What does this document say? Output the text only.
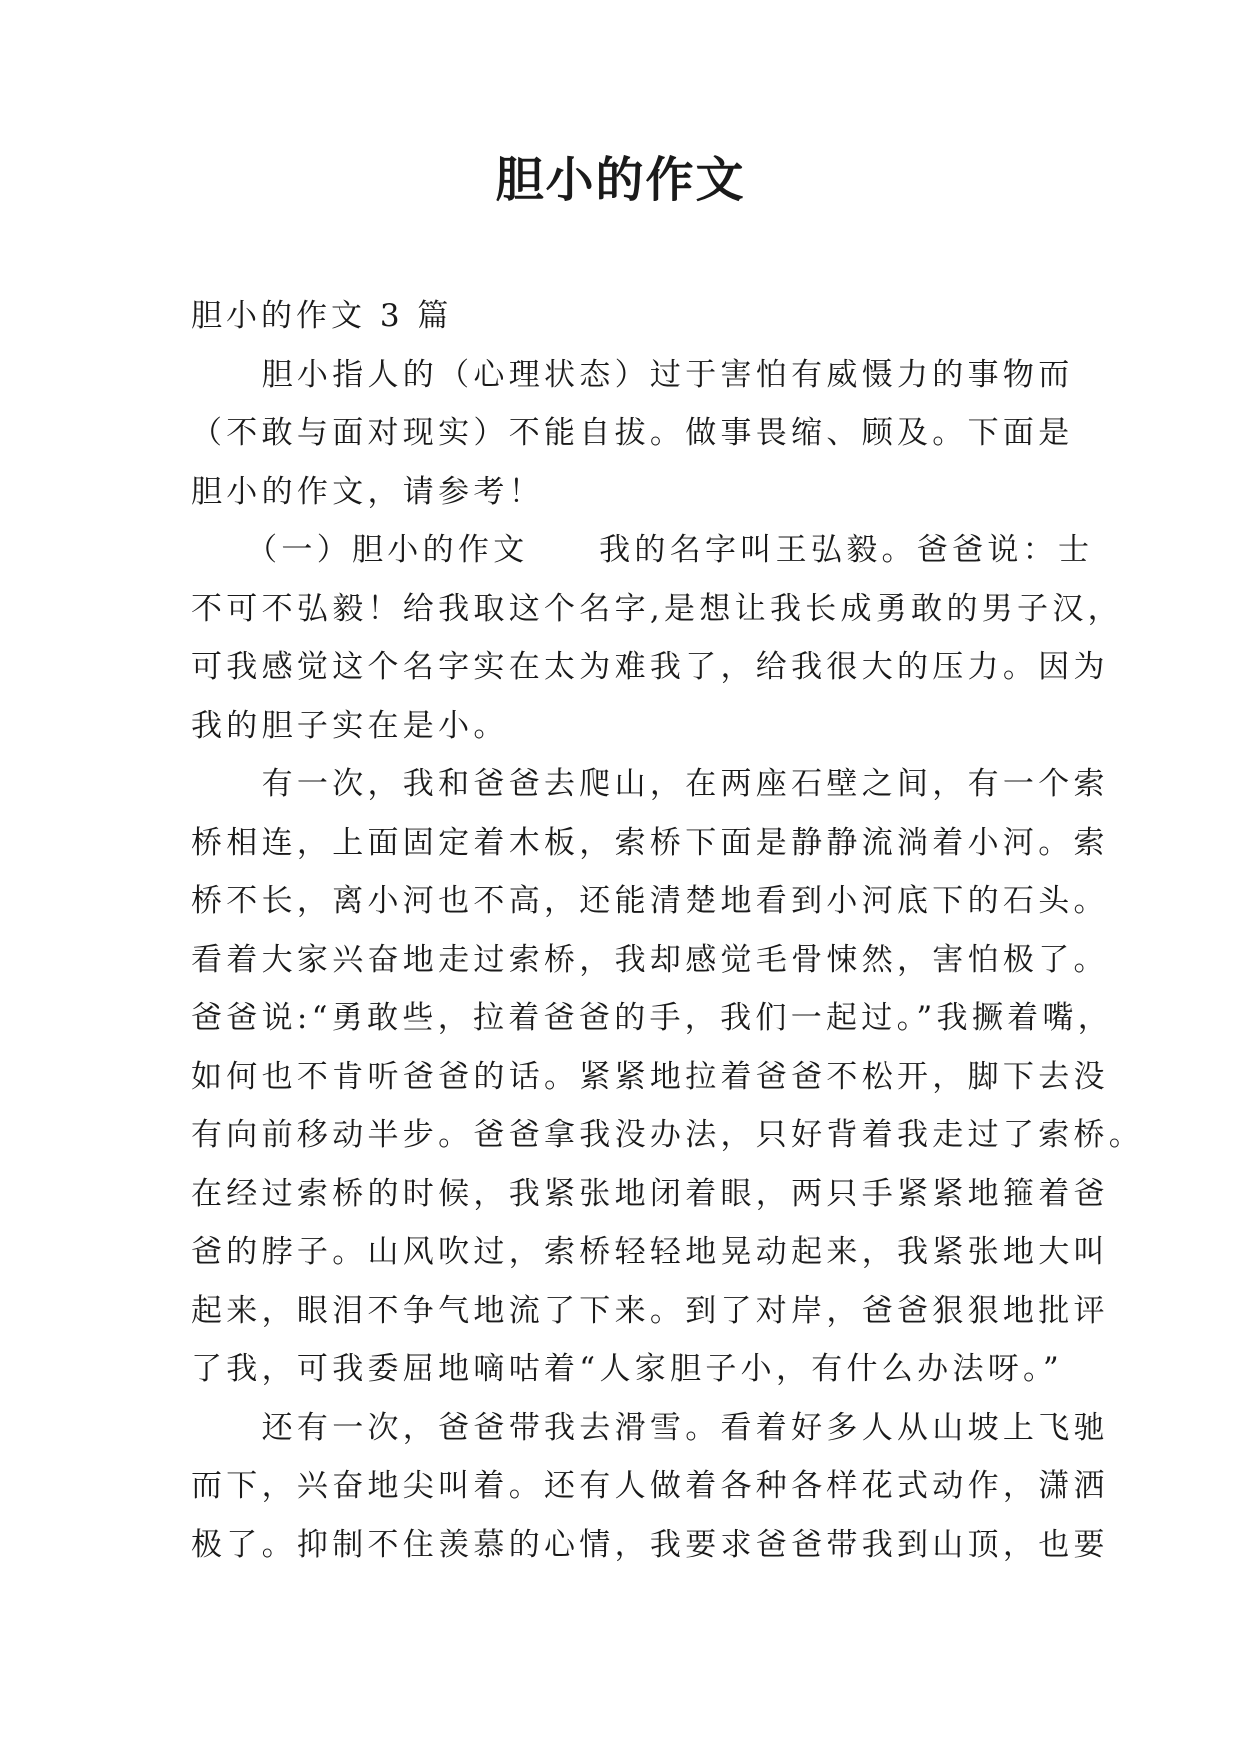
胆小的作文
胆小的作文 3 篇
　　胆小指人的（心理状态）过于害怕有威慑力的事物而
（不敢与面对现实）不能自拔。做事畏缩、顾及。下面是
胆小的作文，请参考！
　　（一）胆小的作文　　我的名字叫王弘毅。爸爸说：士
不可不弘毅！给我取这个名字,是想让我长成勇敢的男子汉，
可我感觉这个名字实在太为难我了，给我很大的压力。因为
我的胆子实在是小。
　　有一次，我和爸爸去爬山，在两座石壁之间，有一个索
桥相连，上面固定着木板，索桥下面是静静流淌着小河。索
桥不长，离小河也不高，还能清楚地看到小河底下的石头。
看着大家兴奋地走过索桥，我却感觉毛骨悚然，害怕极了。
爸爸说:“勇敢些，拉着爸爸的手，我们一起过。”我撅着嘴，
如何也不肯听爸爸的话。紧紧地拉着爸爸不松开，脚下去没
有向前移动半步。爸爸拿我没办法，只好背着我走过了索桥。
在经过索桥的时候，我紧张地闭着眼，两只手紧紧地箍着爸
爸的脖子。山风吹过，索桥轻轻地晃动起来，我紧张地大叫
起来，眼泪不争气地流了下来。到了对岸，爸爸狠狠地批评
了我，可我委屈地嘀咕着“人家胆子小，有什么办法呀。”
　　还有一次，爸爸带我去滑雪。看着好多人从山坡上飞驰
而下，兴奋地尖叫着。还有人做着各种各样花式动作，潇洒
极了。抑制不住羡慕的心情，我要求爸爸带我到山顶，也要
